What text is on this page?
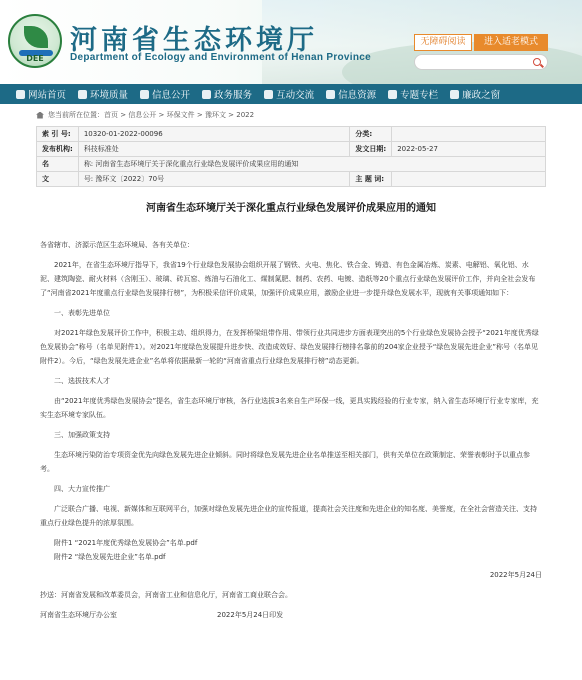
DEE
河南省生态环境厅
Department of Ecology and Environment of Henan Province
无障碍阅读	进入适老模式
网站首页	环境质量	信息公开	政务服务	互动交流	信息资源	专题专栏	廉政之窗
您当前所在位置：首页 > 信息公开 > 环保文件 > 豫环文 > 2022
索 引 号:	10320-01-2022-00096	分类:	
发布机构:	科技标准处	发文日期:	2022-05-27
名	称: 河南省生态环境厅关于深化重点行业绿色发展评价成果应用的通知		
文	号: 豫环文〔2022〕70号	主 题 词:	
河南省生态环境厅关于深化重点行业绿色发展评价成果应用的通知

各省辖市、济源示范区生态环境局、各有关单位：

2021年，在省生态环境厅指导下，我省19个行业绿色发展协会组织开展了钢铁、火电、焦化、铁合金、铸造、有色金属冶炼、炭素、电解铝、氧化铝、水泥、建筑陶瓷、耐火材料（含刚玉）、玻璃、砖瓦窑、炼油与石油化工、煤制氮肥、制药、农药、电镀、造纸等20个重点行业绿色发展评价工作，并向全社会发布了“河南省2021年度重点行业绿色发展排行榜”，为积极采信评价成果，加强评价成果应用，激励企业进一步提升绿色发展水平，现就有关事项通知如下：

一、表彰先进单位

对2021年绿色发展评价工作中，积极主动、组织得力，在发挥桥梁纽带作用、带领行业共同进步方面表现突出的5个行业绿色发展协会授予“2021年度优秀绿色发展协会”称号（名单见附件1）。对2021年度绿色发展提升进步快、改造成效好、绿色发展排行榜排名靠前的204家企业授予“绿色发展先进企业”称号（名单见附件2）。今后，“绿色发展先进企业”名单将依据最新一轮的“河南省重点行业绿色发展排行榜”动态更新。

二、选拔技术人才

由“2021年度优秀绿色发展协会”提名，省生态环境厅审核，各行业选拔3名来自生产环保一线，更具实践经验的行业专家，纳入省生态环境厅行业专家库，充实生态环境专家队伍。

三、加强政策支持

生态环境污染防治专项资金优先向绿色发展先进企业倾斜。同时将绿色发展先进企业名单推送至相关部门，供有关单位在政策制定、荣誉表彰时予以重点参考。

四、大力宣传推广

广泛联合广播、电视、新媒体和互联网平台，加强对绿色发展先进企业的宣传报道，提高社会关注度和先进企业的知名度、美誉度，在全社会营造关注、支持重点行业绿色提升的浓厚氛围。

附件1 “2021年度优秀绿色发展协会”名单.pdf

附件2 “绿色发展先进企业”名单.pdf

2022年5月24日

抄送：河南省发展和改革委员会，河南省工业和信息化厅，河南省工商业联合会。

河南省生态环境厅办公室	2022年5月24日印发
